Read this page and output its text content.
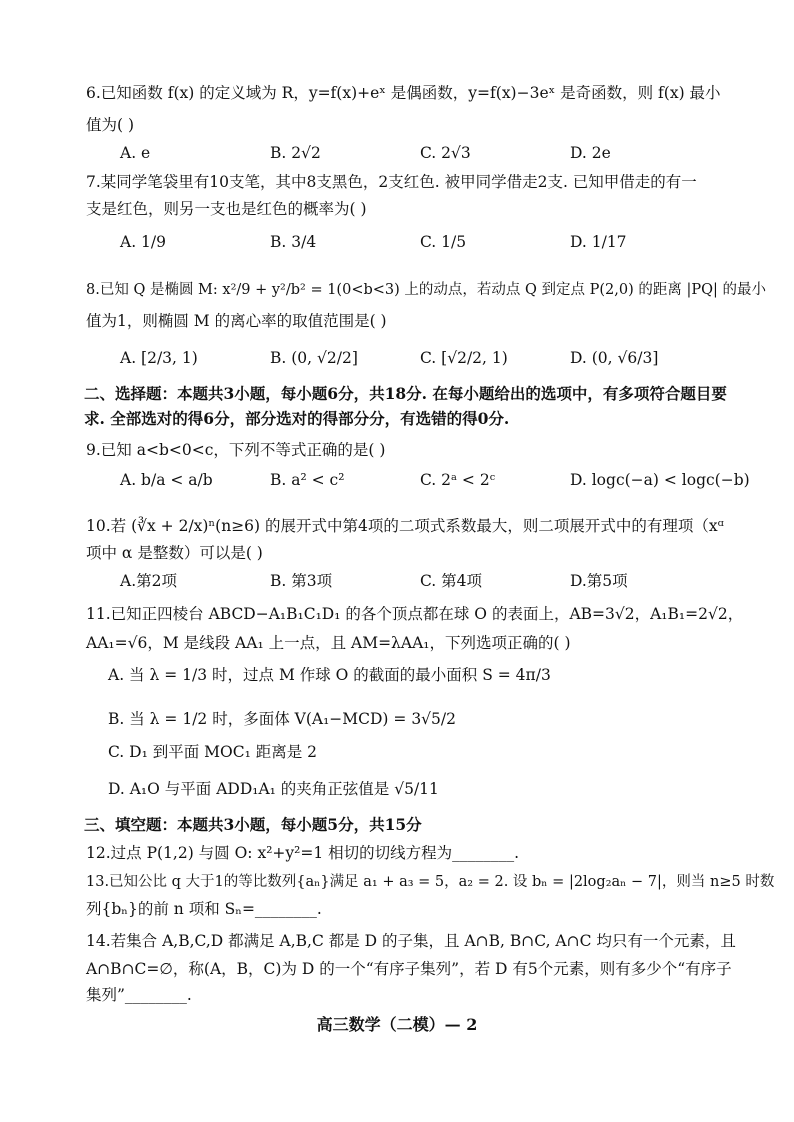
6.已知函数 f(x) 的定义域为 R，y=f(x)+eˣ 是偶函数，y=f(x)−3eˣ 是奇函数，则 f(x) 最小
值为( )
A. e	B. 2√2	C. 2√3	D. 2e
7.某同学笔袋里有10支笔，其中8支黑色，2支红色. 被甲同学借走2支. 已知甲借走的有一
支是红色，则另一支也是红色的概率为( )
A. 1/9	B. 3/4	C. 1/5	D. 1/17
8.已知 Q 是椭圆 M: x²/9 + y²/b² = 1(0<b<3) 上的动点，若动点 Q 到定点 P(2,0) 的距离 |PQ| 的最小
值为1，则椭圆 M 的离心率的取值范围是( )
A. [2/3, 1)	B. (0, √2/2]	C. [√2/2, 1)	D. (0, √6/3]
二、选择题：本题共3小题，每小题6分，共18分. 在每小题给出的选项中，有多项符合题目要
求. 全部选对的得6分，部分选对的得部分分，有选错的得0分.
9.已知 a<b<0<c，下列不等式正确的是( )
A. b/a < a/b	B. a² < c²	C. 2ᵃ < 2ᶜ	D. logc(−a) < logc(−b)
10.若 (∛x + 2/x)ⁿ(n≥6) 的展开式中第4项的二项式系数最大，则二项展开式中的有理项（xᵅ
项中 α 是整数）可以是( )
A.第2项	B. 第3项	C. 第4项	D.第5项
11.已知正四棱台 ABCD−A₁B₁C₁D₁ 的各个顶点都在球 O 的表面上，AB=3√2，A₁B₁=2√2，
AA₁=√6，M 是线段 AA₁ 上一点，且 AM=λAA₁，下列选项正确的( )
A. 当 λ = 1/3 时，过点 M 作球 O 的截面的最小面积 S = 4π/3
B. 当 λ = 1/2 时，多面体 V(A₁−MCD) = 3√5/2
C. D₁ 到平面 MOC₁ 距离是 2
D. A₁O 与平面 ADD₁A₁ 的夹角正弦值是 √5/11
三、填空题：本题共3小题，每小题5分，共15分
12.过点 P(1,2) 与圆 O: x²+y²=1 相切的切线方程为________.
13.已知公比 q 大于1的等比数列{aₙ}满足 a₁ + a₃ = 5，a₂ = 2. 设 bₙ = |2log₂aₙ − 7|，则当 n≥5 时数
列{bₙ}的前 n 项和 Sₙ=________.
14.若集合 A,B,C,D 都满足 A,B,C 都是 D 的子集，且 A∩B, B∩C, A∩C 均只有一个元素，且
A∩B∩C=∅，称(A，B，C)为 D 的一个“有序子集列”，若 D 有5个元素，则有多少个“有序子
集列”________.
高三数学（二模）— 2
